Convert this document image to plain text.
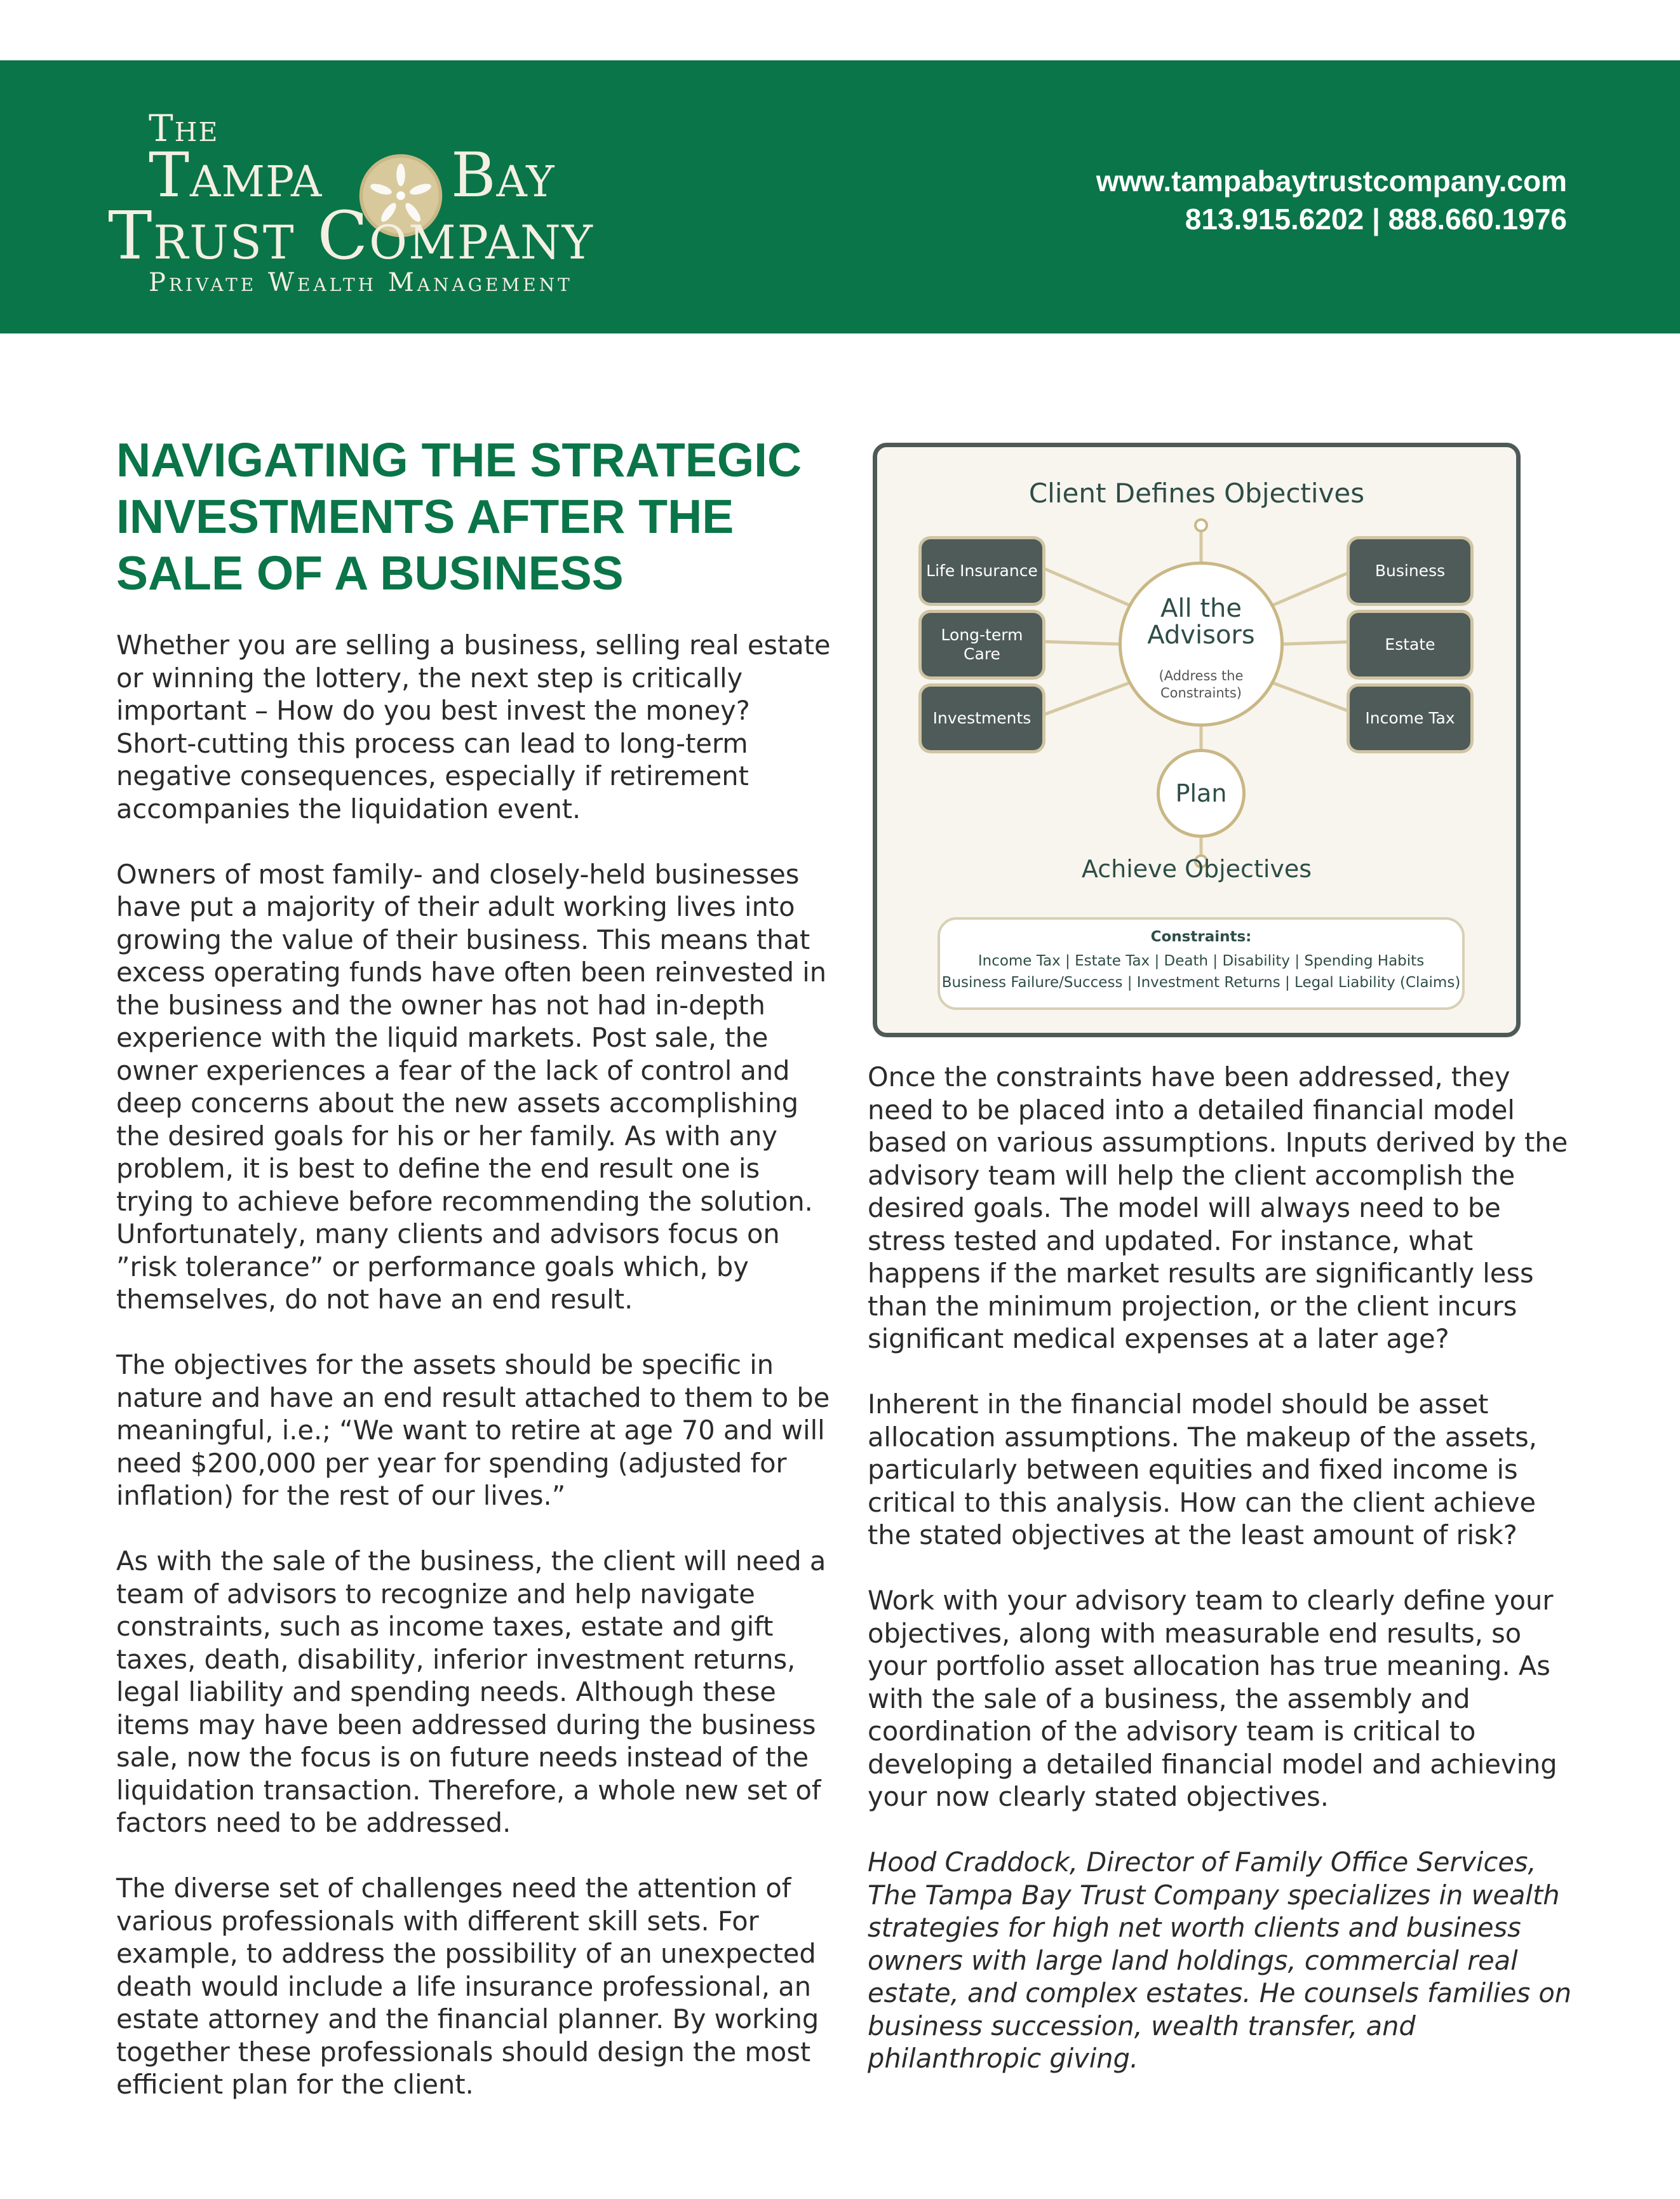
The
Tampa Bay
Trust Company
Private Wealth Management
www.tampabaytrustcompany.com
813.915.6202 | 888.660.1976
NAVIGATING THE STRATEGIC
INVESTMENTS AFTER THE
SALE OF A BUSINESS

Whether you are selling a business, selling real estate or winning the lottery, the next step is critically important – How do you best invest the money? Short-cutting this process can lead to long-term negative consequences, especially if retirement accompanies the liquidation event.

Owners of most family- and closely-held businesses have put a majority of their adult working lives into growing the value of their business. This means that excess operating funds have often been reinvested in the business and the owner has not had in-depth experience with the liquid markets. Post sale, the owner experiences a fear of the lack of control and deep concerns about the new assets accomplishing the desired goals for his or her family. As with any problem, it is best to define the end result one is trying to achieve before recommending the solution. Unfortunately, many clients and advisors focus on ”risk tolerance” or performance goals which, by themselves, do not have an end result.

The objectives for the assets should be specific in nature and have an end result attached to them to be meaningful, i.e.; “We want to retire at age 70 and will need $200,000 per year for spending (adjusted for inflation) for the rest of our lives.”

As with the sale of the business, the client will need a team of advisors to recognize and help navigate constraints, such as income taxes, estate and gift taxes, death, disability, inferior investment returns, legal liability and spending needs. Although these items may have been addressed during the business sale, now the focus is on future needs instead of the liquidation transaction. Therefore, a whole new set of factors need to be addressed.

The diverse set of challenges need the attention of various professionals with different skill sets. For example, to address the possibility of an unexpected death would include a life insurance professional, an estate attorney and the financial planner. By working together these professionals should design the most efficient plan for the client.

Client Defines Objectives
Life Insurance
Long-term Care
Investments
Business
Estate
Income Tax
All the Advisors
(Address the Constraints)
Plan
Achieve Objectives
Constraints:
Income Tax | Estate Tax | Death | Disability | Spending Habits
Business Failure/Success | Investment Returns | Legal Liability (Claims)

Once the constraints have been addressed, they need to be placed into a detailed financial model based on various assumptions. Inputs derived by the advisory team will help the client accomplish the desired goals. The model will always need to be stress tested and updated. For instance, what happens if the market results are significantly less than the minimum projection, or the client incurs significant medical expenses at a later age?

Inherent in the financial model should be asset allocation assumptions. The makeup of the assets, particularly between equities and fixed income is critical to this analysis. How can the client achieve the stated objectives at the least amount of risk?

Work with your advisory team to clearly define your objectives, along with measurable end results, so your portfolio asset allocation has true meaning. As with the sale of a business, the assembly and coordination of the advisory team is critical to developing a detailed financial model and achieving your now clearly stated objectives.

Hood Craddock, Director of Family Office Services, The Tampa Bay Trust Company specializes in wealth strategies for high net worth clients and business owners with large land holdings, commercial real estate, and complex estates. He counsels families on business succession, wealth transfer, and philanthropic giving.
